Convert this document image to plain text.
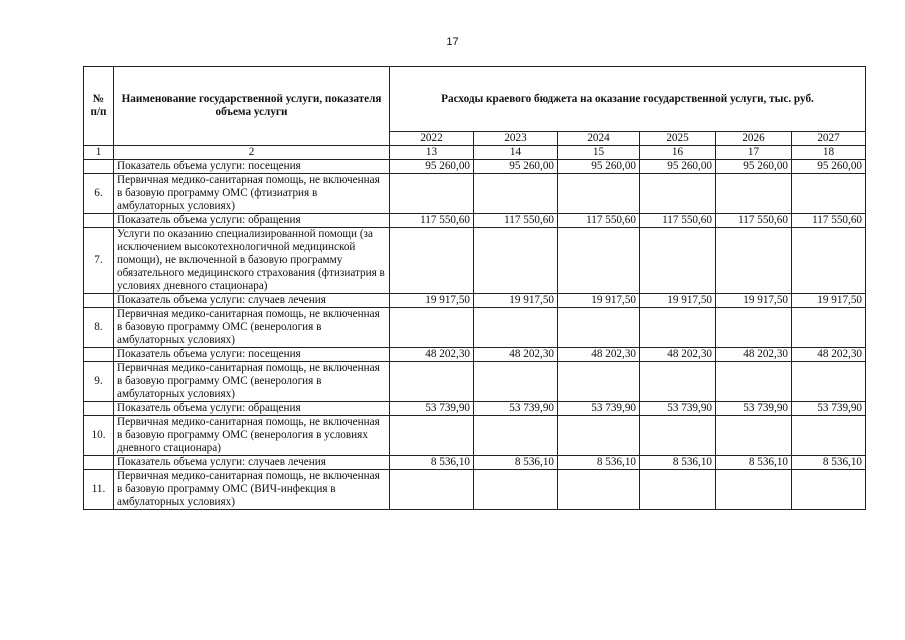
17
№ п/п	Наименование государственной услуги, показателя объема услуги	Расходы краевого бюджета на оказание государственной услуги, тыс. руб.					
		2022	2023	2024	2025	2026	2027
1	2	13	14	15	16	17	18
	Показатель объема услуги: посещения	95 260,00	95 260,00	95 260,00	95 260,00	95 260,00	95 260,00
6.	Первичная медико-санитарная помощь, не включенная в базовую программу ОМС (фтизиатрия в амбулаторных условиях)						
	Показатель объема услуги: обращения	117 550,60	117 550,60	117 550,60	117 550,60	117 550,60	117 550,60
7.	Услуги по оказанию специализированной помощи (за исключением высокотехнологичной медицинской помощи), не включенной в базовую программу обязательного медицинского страхования (фтизиатрия в условиях дневного стационара)						
	Показатель объема услуги: случаев лечения	19 917,50	19 917,50	19 917,50	19 917,50	19 917,50	19 917,50
8.	Первичная медико-санитарная помощь, не включенная в базовую программу ОМС (венерология в амбулаторных условиях)						
	Показатель объема услуги: посещения	48 202,30	48 202,30	48 202,30	48 202,30	48 202,30	48 202,30
9.	Первичная медико-санитарная помощь, не включенная в базовую программу ОМС (венерология в амбулаторных условиях)						
	Показатель объема услуги: обращения	53 739,90	53 739,90	53 739,90	53 739,90	53 739,90	53 739,90
10.	Первичная медико-санитарная помощь, не включенная в базовую программу ОМС (венерология в условиях дневного стационара)						
	Показатель объема услуги: случаев лечения	8 536,10	8 536,10	8 536,10	8 536,10	8 536,10	8 536,10
11.	Первичная медико-санитарная помощь, не включенная в базовую программу ОМС (ВИЧ-инфекция в амбулаторных условиях)						
